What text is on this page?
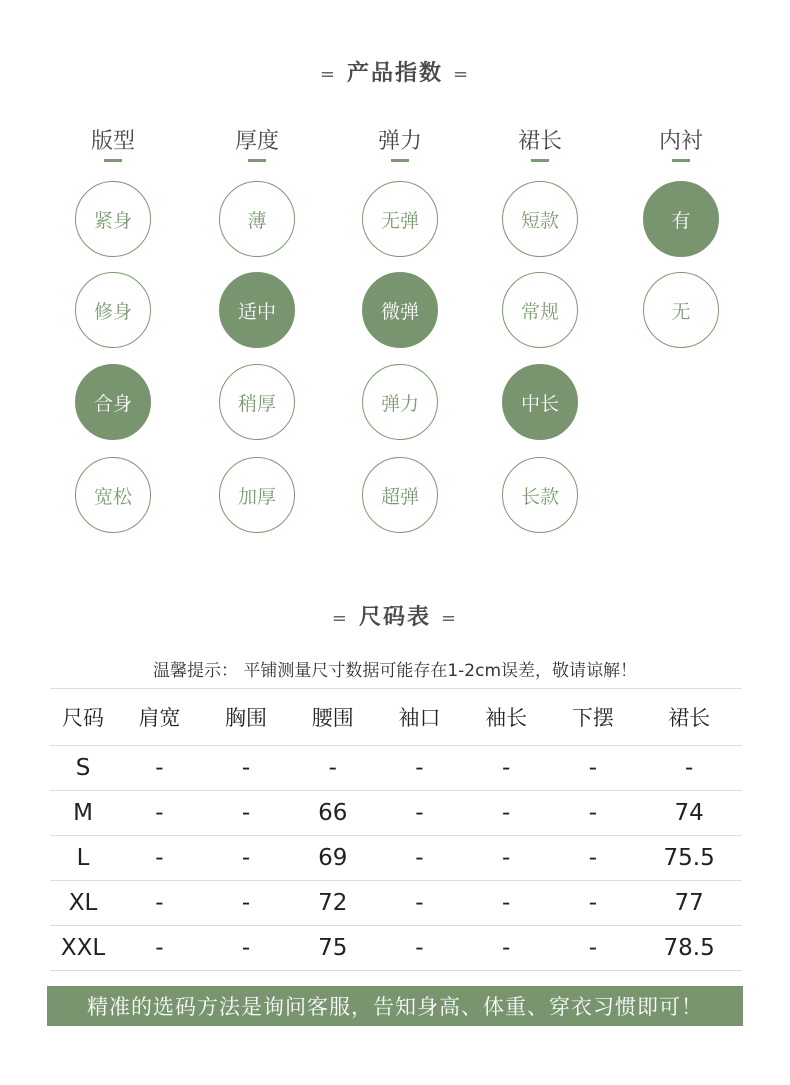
= 产品指数 =
版型
紧身
修身
合身
宽松
厚度
薄
适中
稍厚
加厚
弹力
无弹
微弹
弹力
超弹
裙长
短款
常规
中长
长款
内衬
有
无
= 尺码表 =
温馨提示： 平铺测量尺寸数据可能存在1-2cm误差，敬请谅解！
尺码	肩宽	胸围	腰围	袖口	袖长	下摆	裙长
S	-	-	-	-	-	-	-
M	-	-	66	-	-	-	74
L	-	-	69	-	-	-	75.5
XL	-	-	72	-	-	-	77
XXL	-	-	75	-	-	-	78.5
精准的选码方法是询问客服，告知身高、体重、穿衣习惯即可！
